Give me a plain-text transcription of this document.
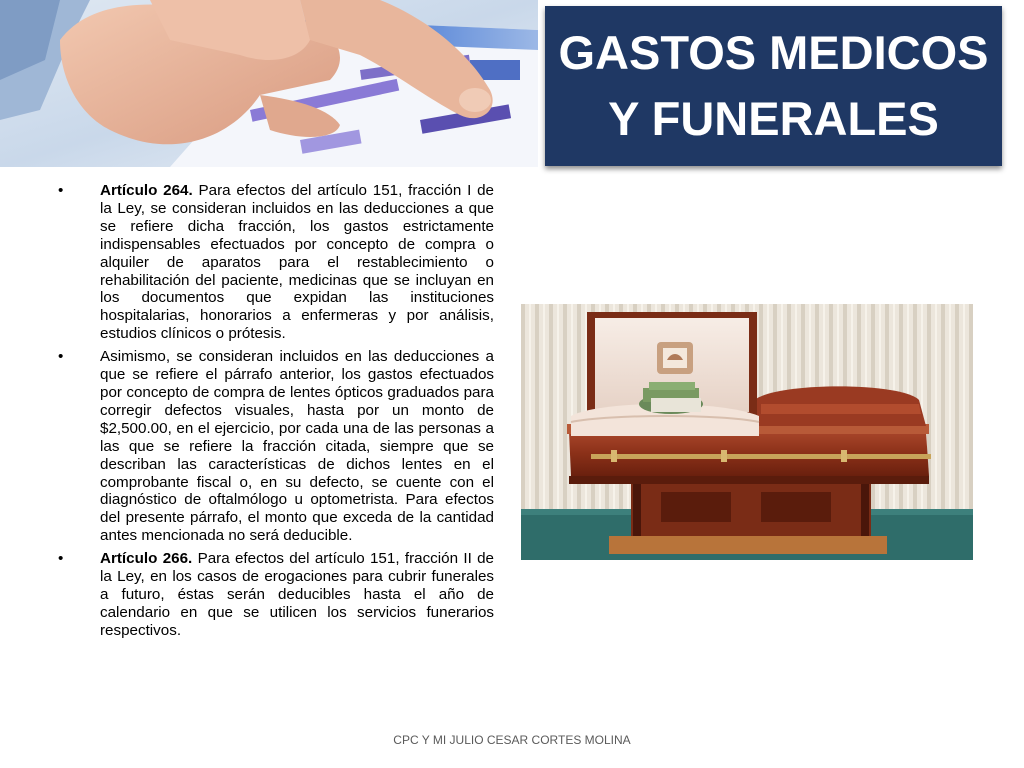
GASTOS MEDICOS
Y FUNERALES
•	Artículo 264. Para efectos del artículo 151, fracción I de la Ley, se consideran incluidos en las deducciones a que se refiere dicha fracción, los gastos estrictamente indispensables efectuados por concepto de compra o alquiler de aparatos para el restablecimiento o rehabilitación del paciente, medicinas que se incluyan en los documentos que expidan las instituciones hospitalarias, honorarios a enfermeras y por análisis, estudios clínicos o prótesis.
•	Asimismo, se consideran incluidos en las deducciones a que se refiere el párrafo anterior, los gastos efectuados por concepto de compra de lentes ópticos graduados para corregir defectos visuales, hasta por un monto de $2,500.00, en el ejercicio, por cada una de las personas a las que se refiere la fracción citada, siempre que se describan las características de dichos lentes en el comprobante fiscal o, en su defecto, se cuente con el diagnóstico de oftalmólogo u optometrista. Para efectos del presente párrafo, el monto que exceda de la cantidad antes mencionada no será deducible.
•	Artículo 266. Para efectos del artículo 151, fracción II de la Ley, en los casos de erogaciones para cubrir funerales a futuro, éstas serán deducibles hasta el año de calendario en que se utilicen los servicios funerarios respectivos.
CPC Y MI JULIO CESAR CORTES MOLINA
